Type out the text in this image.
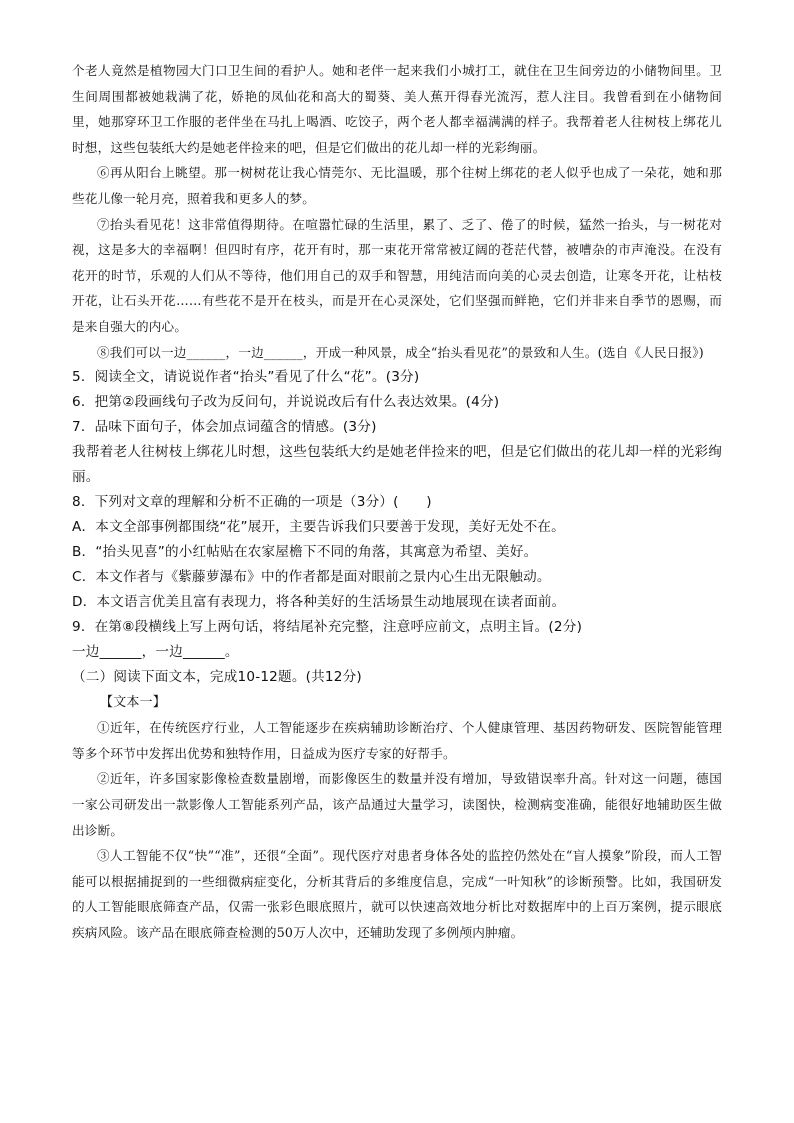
个老人竟然是植物园大门口卫生间的看护人。她和老伴一起来我们小城打工，就住在卫生间旁边的小储物间里。卫生间周围都被她栽满了花，娇艳的凤仙花和高大的蜀葵、美人蕉开得春光流泻，惹人注目。我曾看到在小储物间里，她那穿环卫工作服的老伴坐在马扎上喝酒、吃饺子，两个老人都幸福满满的样子。我帮着老人往树枝上绑花儿时想，这些包装纸大约是她老伴捡来的吧，但是它们做出的花儿却一样的光彩绚丽。

⑥再从阳台上眺望。那一树树花让我心情莞尔、无比温暖，那个往树上绑花的老人似乎也成了一朵花，她和那些花儿像一轮月亮，照着我和更多人的梦。

⑦抬头看见花！这非常值得期待。在喧嚣忙碌的生活里，累了、乏了、倦了的时候，猛然一抬头，与一树花对视，这是多大的幸福啊！但四时有序，花开有时，那一束花开常常被辽阔的苍茫代替，被嘈杂的市声淹没。在没有花开的时节，乐观的人们从不等待，他们用自己的双手和智慧，用纯洁而向美的心灵去创造，让寒冬开花，让枯枝开花，让石头开花……有些花不是开在枝头，而是开在心灵深处，它们坚强而鲜艳，它们并非来自季节的恩赐，而是来自强大的内心。

⑧我们可以一边______，一边______，开成一种风景，成全“抬头看见花”的景致和人生。(选自《人民日报》)

5．阅读全文，请说说作者“抬头”看见了什么“花”。(3分)

6．把第②段画线句子改为反问句，并说说改后有什么表达效果。(4分)

7．品味下面句子，体会加点词蕴含的情感。(3分)

我帮着老人往树枝上绑花儿时想，这些包装纸大约是她老伴捡来的吧，但是它们做出的花儿却一样的光彩绚丽。

8．下列对文章的理解和分析不正确的一项是（3分）(　　)

A．本文全部事例都围绕“花”展开，主要告诉我们只要善于发现，美好无处不在。

B．“抬头见喜”的小红帖贴在农家屋檐下不同的角落，其寓意为希望、美好。

C．本文作者与《紫藤萝瀑布》中的作者都是面对眼前之景内心生出无限触动。

D．本文语言优美且富有表现力，将各种美好的生活场景生动地展现在读者面前。

9．在第⑧段横线上写上两句话，将结尾补充完整，注意呼应前文，点明主旨。(2分)

一边______，一边______。

（二）阅读下面文本，完成10-12题。(共12分)

【文本一】

①近年，在传统医疗行业，人工智能逐步在疾病辅助诊断治疗、个人健康管理、基因药物研发、医院智能管理等多个环节中发挥出优势和独特作用，日益成为医疗专家的好帮手。

②近年，许多国家影像检查数量剧增，而影像医生的数量并没有增加，导致错误率升高。针对这一问题，德国一家公司研发出一款影像人工智能系列产品，该产品通过大量学习，读图快，检测病变准确，能很好地辅助医生做出诊断。

③人工智能不仅“快”“准”，还很“全面”。现代医疗对患者身体各处的监控仍然处在“盲人摸象”阶段，而人工智能可以根据捕捉到的一些细微病症变化，分析其背后的多维度信息，完成“一叶知秋”的诊断预警。比如，我国研发的人工智能眼底筛查产品，仅需一张彩色眼底照片，就可以快速高效地分析比对数据库中的上百万案例，提示眼底疾病风险。该产品在眼底筛查检测的50万人次中，还辅助发现了多例颅内肿瘤。
